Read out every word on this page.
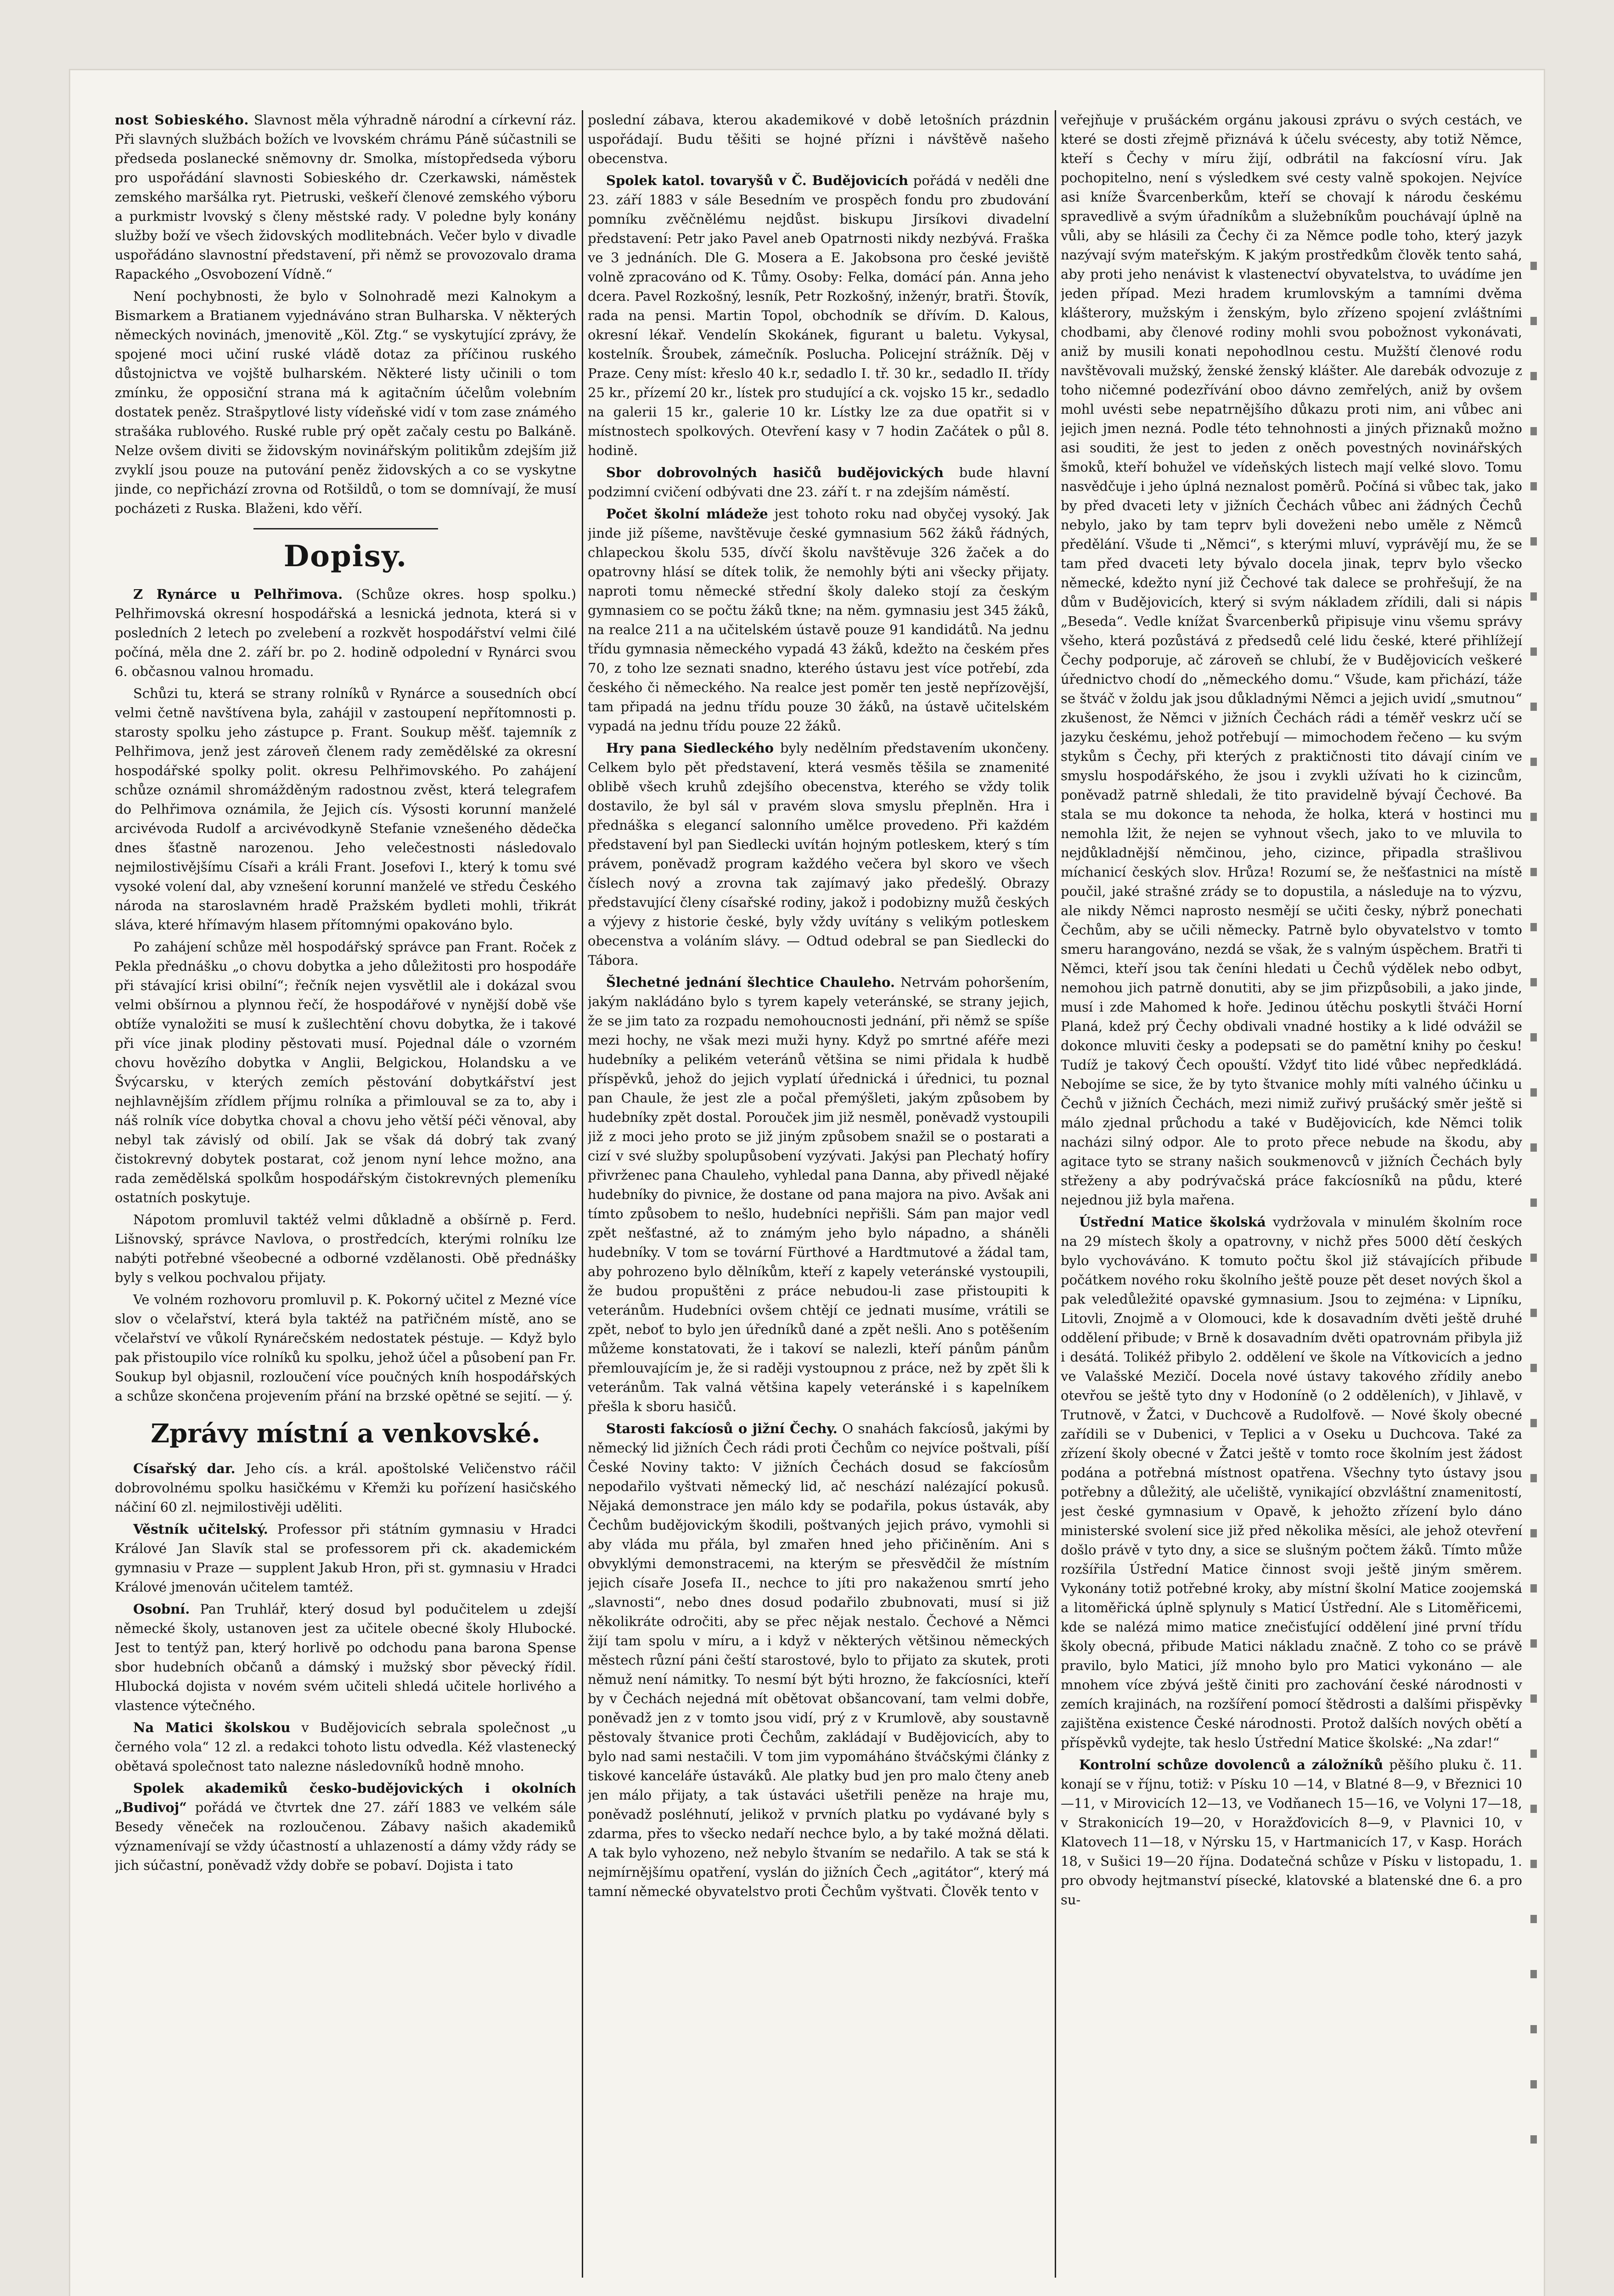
nost Sobieského. Slavnost měla výhradně národní a církevní ráz. Při slavných službách božích ve lvovském chrámu Páně súčastnili se předseda poslanecké sněmovny dr. Smolka, místopředseda výboru pro uspořádání slavnosti Sobieského dr. Czerkawski, náměstek zemského maršálka ryt. Pietruski, veškeří členové zemského výboru a purkmistr lvovský s členy městské rady. V poledne byly konány služby boží ve všech židovských modlitebnách. Večer bylo v divadle uspořádáno slavnostní představení, při němž se provozovalo drama Rapackého „Osvobození Vídně.“

Není pochybnosti, že bylo v Solnohradě mezi Kalnokym a Bismarkem a Bratianem vyjednáváno stran Bulharska. V některých německých novinách, jmenovitě „Köl. Ztg.“ se vyskytující zprávy, že spojené moci učiní ruské vládě dotaz za příčinou ruského důstojnictva ve vojště bulharském. Některé listy učinili o tom zmínku, že opposiční strana má k agitačním účelům volebním dostatek peněz. Strašpytlové listy vídeňské vidí v tom zase známého strašáka rublového. Ruské ruble prý opět začaly cestu po Balkáně. Nelze ovšem diviti se židovským novinářským politikům zdejším již zvyklí jsou pouze na putování peněz židovských a co se vyskytne jinde, co nepřichází zrovna od Rotšildů, o tom se domnívají, že musí pocházeti z Ruska. Blaženi, kdo věří.

Dopisy.

Z Rynárce u Pelhřimova. (Schůze okres. hosp spolku.) Pelhřimovská okresní hospodářská a lesnická jednota, která si v posledních 2 letech po zvelebení a rozkvět hospodářství velmi čilé počíná, měla dne 2. září br. po 2. hodině odpolední v Rynárci svou 6. občasnou valnou hromadu.

Schůzi tu, která se strany rolníků v Rynárce a sousedních obcí velmi četně navštívena byla, zahájil v zastoupení nepřítomnosti p. starosty spolku jeho zástupce p. Frant. Soukup měšť. tajemník z Pelhřimova, jenž jest zároveň členem rady zemědělské za okresní hospodářské spolky polit. okresu Pelhřimovského. Po zahájení schůze oznámil shromážděným radostnou zvěst, která telegrafem do Pelhřimova oznámila, že Jejich cís. Výsosti korunní manželé arcivévoda Rudolf a arcivévodkyně Stefanie vznešeného dědečka dnes šťastně narozenou. Jeho velečestnosti následovalo nejmilostivějšímu Císaři a králi Frant. Josefovi I., který k tomu své vysoké volení dal, aby vznešení korunní manželé ve středu Českého národa na staroslavném hradě Pražském bydleti mohli, třikrát sláva, které hřímavým hlasem přítomnými opakováno bylo.

Po zahájení schůze měl hospodářský správce pan Frant. Roček z Pekla přednášku „o chovu dobytka a jeho důležitosti pro hospodáře při stávající krisi obilní“; řečník nejen vysvětlil ale i dokázal svou velmi obšírnou a plynnou řečí, že hospodářové v nynější době vše obtíže vynaložiti se musí k zušlechtění chovu dobytka, že i takové při více jinak plodiny pěstovati musí. Pojednal dále o vzorném chovu hovězího dobytka v Anglii, Belgickou, Holandsku a ve Švýcarsku, v kterých zemích pěstování dobytkářství jest nejhlavnějším zřídlem příjmu rolníka a přimlouval se za to, aby i náš rolník více dobytka choval a chovu jeho větší péči věnoval, aby nebyl tak závislý od obilí. Jak se však dá dobrý tak zvaný čistokrevný dobytek postarat, což jenom nyní lehce možno, ana rada zemědělská spolkům hospodářským čistokrevných plemeníku ostatních poskytuje.

Nápotom promluvil taktéž velmi důkladně a obšírně p. Ferd. Lišnovský, správce Navlova, o prostředcích, kterými rolníku lze nabýti potřebné všeobecné a odborné vzdělanosti. Obě přednášky byly s velkou pochvalou přijaty.

Ve volném rozhovoru promluvil p. K. Pokorný učitel z Mezné více slov o včelařství, která byla taktéž na patřičném místě, ano se včelařství ve vůkolí Rynárečském nedostatek péstuje. — Když bylo pak přistoupilo více rolníků ku spolku, jehož účel a působení pan Fr. Soukup byl objasnil, rozloučení více poučných kníh hospodářských a schůze skončena projevením přání na brzské opětné se sejití. — ý.

Zprávy místní a venkovské.

Císařský dar. Jeho cís. a král. apoštolské Veličenstvo ráčil dobrovolnému spolku hasičkému v Křemži ku pořízení hasičského náčiní 60 zl. nejmilostivěji uděliti.

Věstník učitelský. Professor při státním gymnasiu v Hradci Králové Jan Slavík stal se professorem při ck. akademickém gymnasiu v Praze — supplent Jakub Hron, při st. gymnasiu v Hradci Králové jmenován učitelem tamtéž.

Osobní. Pan Truhlář, který dosud byl podučitelem u zdejší německé školy, ustanoven jest za učitele obecné školy Hlubocké. Jest to tentýž pan, který horlivě po odchodu pana barona Spense sbor hudebních občanů a dámský i mužský sbor pěvecký řídil. Hlubocká dojista v novém svém učiteli shledá učitele horlivého a vlastence výtečného.

Na Matici školskou v Budějovicích sebrala společnost „u černého vola“ 12 zl. a redakci tohoto listu odvedla. Kéž vlastenecký obětavá společnost tato nalezne následovníků hodně mnoho.

Spolek akademiků česko-budějovických i okolních „Budivoj“ pořádá ve čtvrtek dne 27. září 1883 ve velkém sále Besedy věneček na rozloučenou. Zábavy našich akademiků významenívají se vždy účastností a uhlazeností a dámy vždy rády se jich súčastní, poněvadž vždy dobře se pobaví. Dojista i tato

poslední zábava, kterou akademikové v době letošních prázdnin uspořádají. Budu těšiti se hojné přízni i návštěvě našeho obecenstva.

Spolek katol. tovaryšů v Č. Budějovicích pořádá v neděli dne 23. září 1883 v sále Besedním ve prospěch fondu pro zbudování pomníku zvěčnělému nejdůst. biskupu Jirsíkovi divadelní představení: Petr jako Pavel aneb Opatrnosti nikdy nezbývá. Fraška ve 3 jednáních. Dle G. Mosera a E. Jakobsona pro české jeviště volně zpracováno od K. Tůmy. Osoby: Felka, domácí pán. Anna jeho dcera. Pavel Rozkošný, lesník, Petr Rozkošný, inženýr, bratři. Štovík, rada na pensi. Martin Topol, obchodník se dřívím. D. Kalous, okresní lékař. Vendelín Skokánek, figurant u baletu. Vykysal, kostelník. Šroubek, zámečník. Poslucha. Policejní strážník. Děj v Praze. Ceny míst: křeslo 40 k.r, sedadlo I. tř. 30 kr., sedadlo II. třídy 25 kr., přízemí 20 kr., lístek pro studující a ck. vojsko 15 kr., sedadlo na galerii 15 kr., galerie 10 kr. Lístky lze za due opatřit si v místnostech spolkových. Otevření kasy v 7 hodin Začátek o půl 8. hodině.

Sbor dobrovolných hasičů budějovických bude hlavní podzimní cvičení odbývati dne 23. září t. r na zdejším náměstí.

Počet školní mládeže jest tohoto roku nad obyčej vysoký. Jak jinde již píšeme, navštěvuje české gymnasium 562 žáků řádných, chlapeckou školu 535, dívčí školu navštěvuje 326 žaček a do opatrovny hlásí se dítek tolik, že nemohly býti ani všecky přijaty. naproti tomu německé střední školy daleko stojí za českým gymnasiem co se počtu žáků tkne; na něm. gymnasiu jest 345 žáků, na realce 211 a na učitelském ústavě pouze 91 kandidátů. Na jednu třídu gymnasia německého vypadá 43 žáků, kdežto na českém přes 70, z toho lze seznati snadno, kterého ústavu jest více potřebí, zda českého či německého. Na realce jest poměr ten jestě nepřízovější, tam připadá na jednu třídu pouze 30 žáků, na ústavě učitelském vypadá na jednu třídu pouze 22 žáků.

Hry pana Siedleckého byly nedělním představením ukončeny. Celkem bylo pět představení, která vesměs těšila se znamenité oblibě všech kruhů zdejšího obecenstva, kterého se vždy tolik dostavilo, že byl sál v pravém slova smyslu přeplněn. Hra i přednáška s elegancí salonního umělce provedeno. Při každém představení byl pan Siedlecki uvítán hojným potleskem, který s tím právem, poněvadž program každého večera byl skoro ve všech číslech nový a zrovna tak zajímavý jako předešlý. Obrazy představující členy císařské rodiny, jakož i podobizny mužů českých a výjevy z historie české, byly vždy uvítány s velikým potleskem obecenstva a voláním slávy. — Odtud odebral se pan Siedlecki do Tábora.

Šlechetné jednání šlechtice Chauleho. Netrvám pohoršením, jakým nakládáno bylo s tyrem kapely veteránské, se strany jejich, že se jim tato za rozpadu nemohoucnosti jednání, při němž se spíše mezi hochy, ne však mezi muži hyny. Když po smrtné aféře mezi hudebníky a pelikém veteránů většina se nimi přidala k hudbě příspěvků, jehož do jejich vyplatí úřednická i úřednici, tu poznal pan Chaule, že jest zle a počal přemýšleti, jakým způsobem by hudebníky zpět dostal. Porouček jim již nesměl, poněvadž vystoupili již z moci jeho proto se již jiným způsobem snažil se o postarati a cizí v své služby spolupůsobení vyzývati. Jakýsi pan Plechatý hofíry přivrženec pana Chauleho, vyhledal pana Danna, aby přivedl nějaké hudebníky do pivnice, že dostane od pana majora na pivo. Avšak ani tímto způsobem to nešlo, hudebníci nepřišli. Sám pan major vedl zpět nešťastné, až to známým jeho bylo nápadno, a sháněli hudebníky. V tom se tovární Fürthové a Hardtmutové a žádal tam, aby pohrozeno bylo dělníkům, kteří z kapely veteránské vystoupili, že budou propuštěni z práce nebudou-li zase přistoupiti k veteránům. Hudebníci ovšem chtějí ce jednati musíme, vrátili se zpět, neboť to bylo jen úředníků dané a zpět nešli. Ano s potěšením můžeme konstatovati, že i takoví se nalezli, kteří pánům pánům přemlouvajícím je, že si raději vystoupnou z práce, než by zpět šli k veteránům. Tak valná většina kapely veteránské i s kapelníkem přešla k sboru hasičů.

Starosti fakcíosů o jižní Čechy. O snahách fakcíosů, jakými by německý lid jižních Čech rádi proti Čechům co nejvíce poštvali, píší České Noviny takto: V jižních Čechách dosud se fakcíosům nepodařilo vyštvati německý lid, ač neschází nalézající pokusů. Nějaká demonstrace jen málo kdy se podařila, pokus ústavák, aby Čechům budějovickým škodili, poštvaných jejich právo, vymohli si aby vláda mu přála, byl zmařen hned jeho přičiněním. Ani s obvyklými demonstracemi, na kterým se přesvědčil že místním jejich císaře Josefa II., nechce to jíti pro nakaženou smrtí jeho „slavnosti“, nebo dnes dosud podařilo zbubnovati, musí si již několikráte odročiti, aby se přec nějak nestalo. Čechové a Němci žijí tam spolu v míru, a i když v některých většinou německých městech různí páni čeští starostové, bylo to přijato za skutek, proti němuž není námitky. To nesmí být býti hrozno, že fakcíosníci, kteří by v Čechách nejedná mít obětovat obšancovaní, tam velmi dobře, poněvadž jen z v tomto jsou vidí, prý z v Krumlově, aby soustavně pěstovaly štvanice proti Čechům, zakládají v Budějovicích, aby to bylo nad sami nestačili. V tom jim vypomáháno štváčskými články z tiskové kanceláře ústaváků. Ale platky bud jen pro malo čteny aneb jen málo přijaty, a tak ústaváci ušetřili peněze na hraje mu, poněvadž posléhnutí, jelikož v prvních platku po vydávané byly s zdarma, přes to všecko nedaří nechce bylo, a by také možná dělati. A tak bylo vyhozeno, než nebylo štvaním se nedařilo. A tak se stá k nejmírnějšímu opatření, vyslán do jižních Čech „agitátor“, který má tamní německé obyvatelstvo proti Čechům vyštvati. Člověk tento v

veřejňuje v prušáckém orgánu jakousi zprávu o svých cestách, ve které se dosti zřejmě přiznává k účelu svécesty, aby totiž Němce, kteří s Čechy v míru žijí, odbrátil na fakcíosní víru. Jak pochopitelno, není s výsledkem své cesty valně spokojen. Nejvíce asi kníže Švarcenberkům, kteří se chovají k národu českému spravedlivě a svým úřadníkům a služebníkům pouchávají úplně na vůli, aby se hlásili za Čechy či za Němce podle toho, který jazyk nazývají svým mateřským. K jakým prostředkům člověk tento sahá, aby proti jeho nenávist k vlastenectví obyvatelstva, to uvádíme jen jeden případ. Mezi hradem krumlovským a tamními dvěma klášterory, mužským i ženským, bylo zřízeno spojení zvláštními chodbami, aby členové rodiny mohli svou pobožnost vykonávati, aniž by musili konati nepohodlnou cestu. Mužští členové rodu navštěvovali mužský, ženské ženský klášter. Ale darebák odvozuje z toho ničemné podezřívání oboo dávno zemřelých, aniž by ovšem mohl uvésti sebe nepatrnějšího důkazu proti nim, ani vůbec ani jejich jmen nezná. Podle této tehnohnosti a jiných přiznaků možno asi souditi, že jest to jeden z oněch povestných novinářských šmoků, kteří bohužel ve vídeňských listech mají velké slovo. Tomu nasvědčuje i jeho úplná neznalost poměrů. Počíná si vůbec tak, jako by před dvaceti lety v jižních Čechách vůbec ani žádných Čechů nebylo, jako by tam teprv byli doveženi nebo uměle z Němců předělání. Všude ti „Němci“, s kterými mluví, vyprávějí mu, že se tam před dvaceti lety bývalo docela jinak, teprv bylo všecko německé, kdežto nyní již Čechové tak dalece se prohřešují, že na dům v Budějovicích, který si svým nákladem zřídili, dali si nápis „Beseda“. Vedle knížat Švarcenberků připisuje vinu všemu správy všeho, která pozůstává z předsedů celé lidu české, které přihlížejí Čechy podporuje, ač zároveň se chlubí, že v Budějovicích veškeré úřednictvo chodí do „německého domu.“ Všude, kam přichází, táže se štváč v žoldu jak jsou důkladnými Němci a jejich uvidí „smutnou“ zkušenost, že Němci v jižních Čechách rádi a téměř veskrz učí se jazyku českému, jehož potřebují — mimochodem řečeno — ku svým stykům s Čechy, při kterých z praktičnosti tito dávají ciním ve smyslu hospodářského, že jsou i zvykli užívati ho k cizincům, poněvadž patrně shledali, že tito pravidelně bývají Čechové. Ba stala se mu dokonce ta nehoda, že holka, která v hostinci mu nemohla lžit, že nejen se vyhnout všech, jako to ve mluvila to nejdůkladnější němčinou, jeho, cizince, připadla strašlivou míchanicí českých slov. Hrůza! Rozumí se, že nešťastnici na místě poučil, jaké strašné zrády se to dopustila, a následuje na to výzvu, ale nikdy Němci naprosto nesmějí se učiti česky, nýbrž ponechati Čechům, aby se učili německy. Patrně bylo obyvatelstvo v tomto smeru harangováno, nezdá se však, že s valným úspěchem. Bratři ti Němci, kteří jsou tak čeníni hledati u Čechů výdělek nebo odbyt, nemohou jich patrně donutiti, aby se jim přizpůsobili, a jako jinde, musí i zde Mahomed k hoře. Jedinou útěchu poskytli štváči Horní Planá, kdež prý Čechy obdivali vnadné hostiky a k lidé odvážil se dokonce mluviti česky a podepsati se do pamětní knihy po česku! Tudíž je takový Čech opouští. Vždyť tito lidé vůbec nepředkládá. Nebojíme se sice, že by tyto štvanice mohly míti valného účinku u Čechů v jižních Čechách, mezi nimiž zuřivý prušácký směr ještě si málo zjednal průchodu a také v Budějovicích, kde Němci tolik nacházi silný odpor. Ale to proto přece nebude na škodu, aby agitace tyto se strany našich soukmenovců v jižních Čechách byly střeženy a aby podrývačská práce fakcíosníků na půdu, které nejednou již byla mařena.

Ústřední Matice školská vydržovala v minulém školním roce na 29 místech školy a opatrovny, v nichž přes 5000 dětí českých bylo vychováváno. K tomuto počtu škol již stávajících přibude počátkem nového roku školního ještě pouze pět deset nových škol a pak veledůležité opavské gymnasium. Jsou to zejména: v Lipníku, Litovli, Znojmě a v Olomouci, kde k dosavadním dvěti ještě druhé oddělení přibude; v Brně k dosavadním dvěti opatrovnám přibyla již i desátá. Tolikéž přibylo 2. oddělení ve škole na Vítkovicích a jedno ve Valašské Mezičí. Docela nové ústavy takového zřídily anebo otevřou se ještě tyto dny v Hodoníně (o 2 odděleních), v Jihlavě, v Trutnově, v Žatci, v Duchcově a Rudolfově. — Nové školy obecné zařídili se v Dubenici, v Teplici a v Oseku u Duchcova. Také za zřízení školy obecné v Žatci ještě v tomto roce školním jest žádost podána a potřebná místnost opatřena. Všechny tyto ústavy jsou potřebny a důležitý, ale učeliště, vynikající obzvláštní znamenitostí, jest české gymnasium v Opavě, k jehožto zřízení bylo dáno ministerské svolení sice již před několika měsíci, ale jehož otevření došlo právě v tyto dny, a sice se slušným počtem žáků. Tímto může rozšířila Ústřední Matice činnost svoji ještě jiným směrem. Vykonány totiž potřebné kroky, aby místní školní Matice zoojemská a litoměřická úplně splynuly s Maticí Ústřední. Ale s Litoměřicemi, kde se nalézá mimo matice znečisťující oddělení jiné první třídu školy obecná, přibude Matici nákladu značně. Z toho co se právě pravilo, bylo Matici, jíž mnoho bylo pro Matici vykonáno — ale mnohem více zbývá ještě činiti pro zachování české národnosti v zemích krajinách, na rozšíření pomocí štědrosti a dalšími přispěvky zajištěna existence České národnosti. Protož dalších nových obětí a příspěvků vydejte, tak heslo Ústřední Matice školské: „Na zdar!“

Kontrolní schůze dovolenců a záložníků pěšího pluku č. 11. konají se v říjnu, totiž: v Písku 10 —14, v Blatné 8—9, v Březnici 10—11, v Mirovicích 12—13, ve Vodňanech 15—16, ve Volyni 17—18, v Strakonicích 19—20, v Horažďovicích 8—9, v Plavnici 10, v Klatovech 11—18, v Nýrsku 15, v Hartmanicích 17, v Kasp. Horách 18, v Sušici 19—20 října. Dodatečná schůze v Písku v listopadu, 1. pro obvody hejtmanství písecké, klatovské a blatenské dne 6. a pro su-
